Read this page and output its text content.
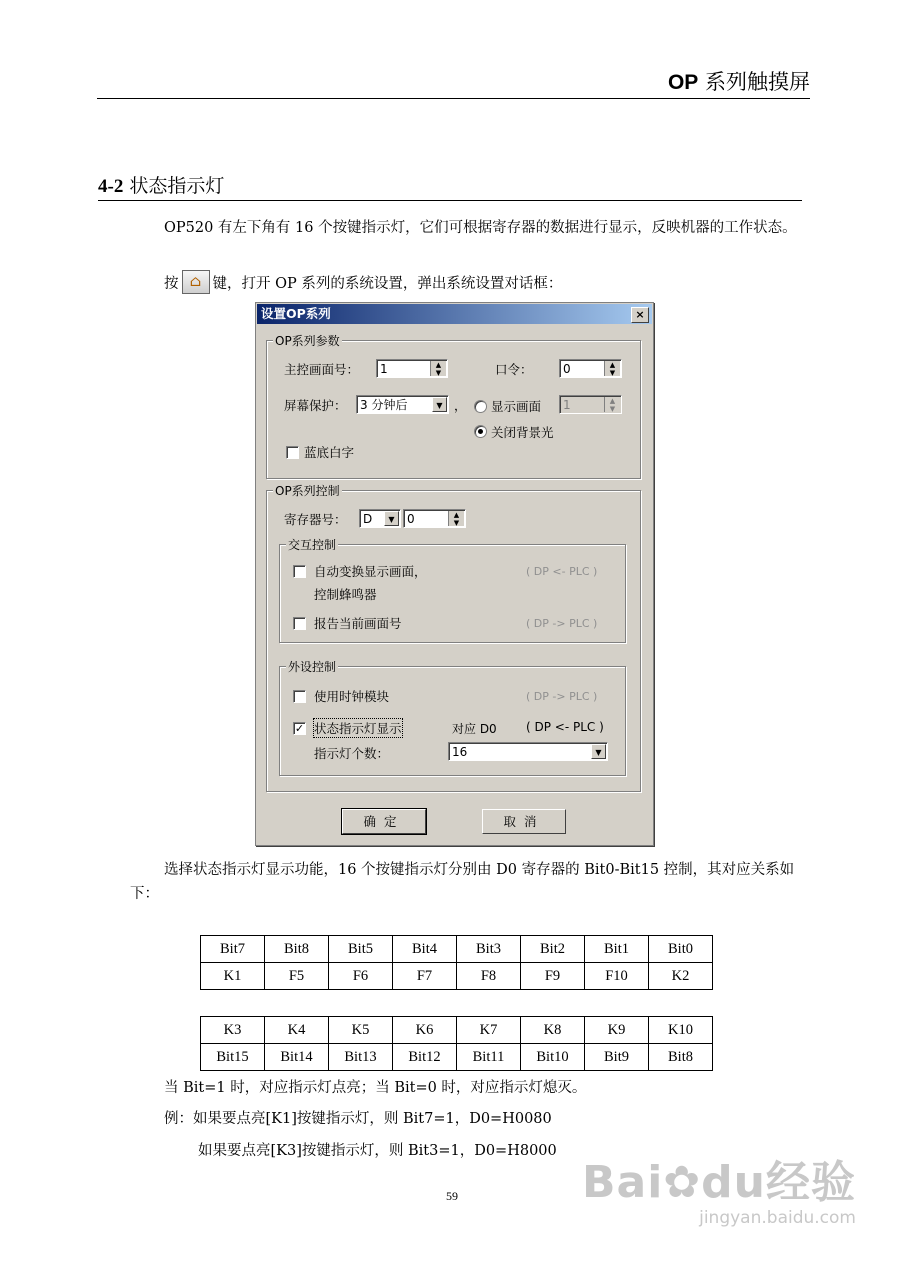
OP 系列触摸屏
4-2 状态指示灯
OP520 有左下角有 16 个按键指示灯，它们可根据寄存器的数据进行显示，反映机器的工作状态。
按 ⌂ 键，打开 OP 系列的系统设置，弹出系统设置对话框：
设置OP系列	×
OP系列参数
主控画面号：	1	▲
▼	口令：	0	▲
▼
屏幕保护：	3 分钟后	▼ ， 显示画面	1	▲
▼
关闭背景光
蓝底白字
OP系列控制
寄存器号：	D	▼	0	▲
▼
交互控制
自动变换显示画面，
控制蜂鸣器
( DP <- PLC )
报告当前画面号	( DP -> PLC )
外设控制
使用时钟模块	( DP -> PLC )
✓ 状态指示灯显示	对应 D0 ( DP <- PLC )
指示灯个数：	16	▼
确定	取消
选择状态指示灯显示功能，16 个按键指示灯分别由 D0 寄存器的 Bit0-Bit15 控制，其对应关系如下：
Bit7	Bit8	Bit5	Bit4	Bit3	Bit2	Bit1	Bit0
K1	F5	F6	F7	F8	F9	F10	K2
K3	K4	K5	K6	K7	K8	K9	K10
Bit15	Bit14	Bit13	Bit12	Bit11	Bit10	Bit9	Bit8
当 Bit=1 时，对应指示灯点亮；当 Bit=0 时，对应指示灯熄灭。
例：如果要点亮[K1]按键指示灯，则 Bit7=1，D0=H0080
如果要点亮[K3]按键指示灯，则 Bit3=1，D0=H8000
59	Bai✿du经验
jingyan.baidu.com
